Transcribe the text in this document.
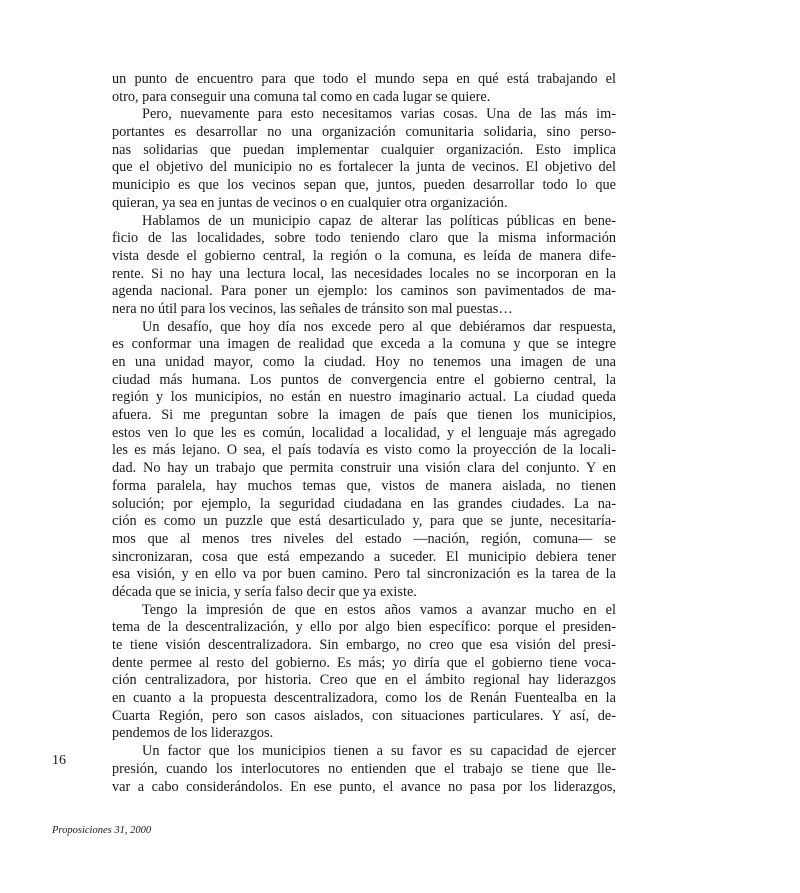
un punto de encuentro para que todo el mundo sepa en qué está trabajando el
otro, para conseguir una comuna tal como en cada lugar se quiere.
Pero, nuevamente para esto necesitamos varias cosas. Una de las más im-
portantes es desarrollar no una organización comunitaria solidaria, sino perso-
nas solidarias que puedan implementar cualquier organización. Esto implica
que el objetivo del municipio no es fortalecer la junta de vecinos. El objetivo del
municipio es que los vecinos sepan que, juntos, pueden desarrollar todo lo que
quieran, ya sea en juntas de vecinos o en cualquier otra organización.
Hablamos de un municipio capaz de alterar las políticas públicas en bene-
ficio de las localidades, sobre todo teniendo claro que la misma información
vista desde el gobierno central, la región o la comuna, es leída de manera dife-
rente. Si no hay una lectura local, las necesidades locales no se incorporan en la
agenda nacional. Para poner un ejemplo: los caminos son pavimentados de ma-
nera no útil para los vecinos, las señales de tránsito son mal puestas…
Un desafío, que hoy día nos excede pero al que debiéramos dar respuesta,
es conformar una imagen de realidad que exceda a la comuna y que se integre
en una unidad mayor, como la ciudad. Hoy no tenemos una imagen de una
ciudad más humana. Los puntos de convergencia entre el gobierno central, la
región y los municipios, no están en nuestro imaginario actual. La ciudad queda
afuera. Si me preguntan sobre la imagen de país que tienen los municipios,
estos ven lo que les es común, localidad a localidad, y el lenguaje más agregado
les es más lejano. O sea, el país todavía es visto como la proyección de la locali-
dad. No hay un trabajo que permita construir una visión clara del conjunto. Y en
forma paralela, hay muchos temas que, vistos de manera aislada, no tienen
solución; por ejemplo, la seguridad ciudadana en las grandes ciudades. La na-
ción es como un puzzle que está desarticulado y, para que se junte, necesitaría-
mos que al menos tres niveles del estado —nación, región, comuna— se
sincronizaran, cosa que está empezando a suceder. El municipio debiera tener
esa visión, y en ello va por buen camino. Pero tal sincronización es la tarea de la
década que se inicia, y sería falso decir que ya existe.
Tengo la impresión de que en estos años vamos a avanzar mucho en el
tema de la descentralización, y ello por algo bien específico: porque el presiden-
te tiene visión descentralizadora. Sin embargo, no creo que esa visión del presi-
dente permee al resto del gobierno. Es más; yo diría que el gobierno tiene voca-
ción centralizadora, por historia. Creo que en el ámbito regional hay liderazgos
en cuanto a la propuesta descentralizadora, como los de Renán Fuentealba en la
Cuarta Región, pero son casos aislados, con situaciones particulares. Y así, de-
pendemos de los liderazgos.
Un factor que los municipios tienen a su favor es su capacidad de ejercer
presión, cuando los interlocutores no entienden que el trabajo se tiene que lle-
var a cabo considerándolos. En ese punto, el avance no pasa por los liderazgos,
16
Proposiciones 31, 2000
